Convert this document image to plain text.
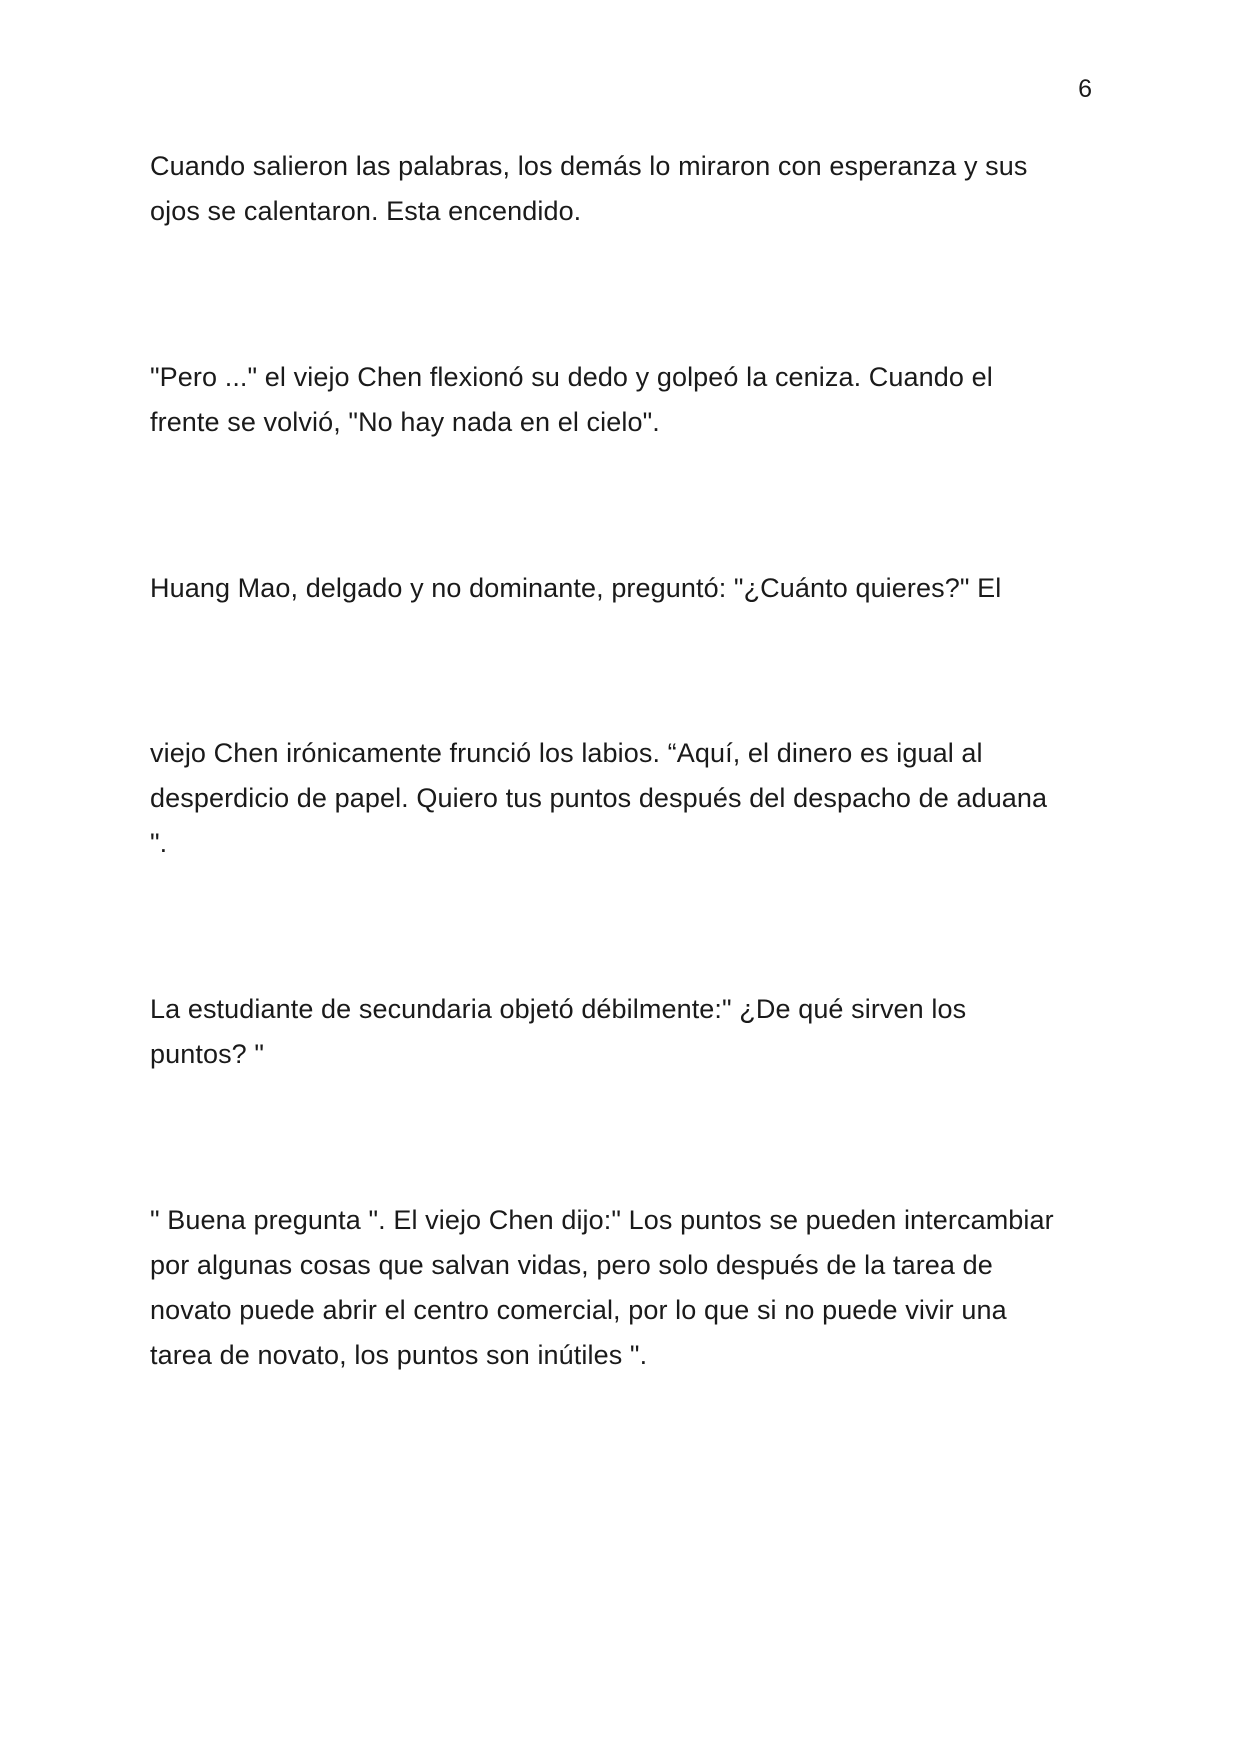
6
Cuando salieron las palabras, los demás lo miraron con esperanza y sus
ojos se calentaron. Esta encendido.
"Pero ..." el viejo Chen flexionó su dedo y golpeó la ceniza. Cuando el
frente se volvió, "No hay nada en el cielo".
Huang Mao, delgado y no dominante, preguntó: "¿Cuánto quieres?" El
viejo Chen irónicamente frunció los labios. “Aquí, el dinero es igual al
desperdicio de papel. Quiero tus puntos después del despacho de aduana
".
La estudiante de secundaria objetó débilmente:" ¿De qué sirven los
puntos? "
" Buena pregunta ". El viejo Chen dijo:" Los puntos se pueden intercambiar
por algunas cosas que salvan vidas, pero solo después de la tarea de
novato puede abrir el centro comercial, por lo que si no puede vivir una
tarea de novato, los puntos son inútiles ".
